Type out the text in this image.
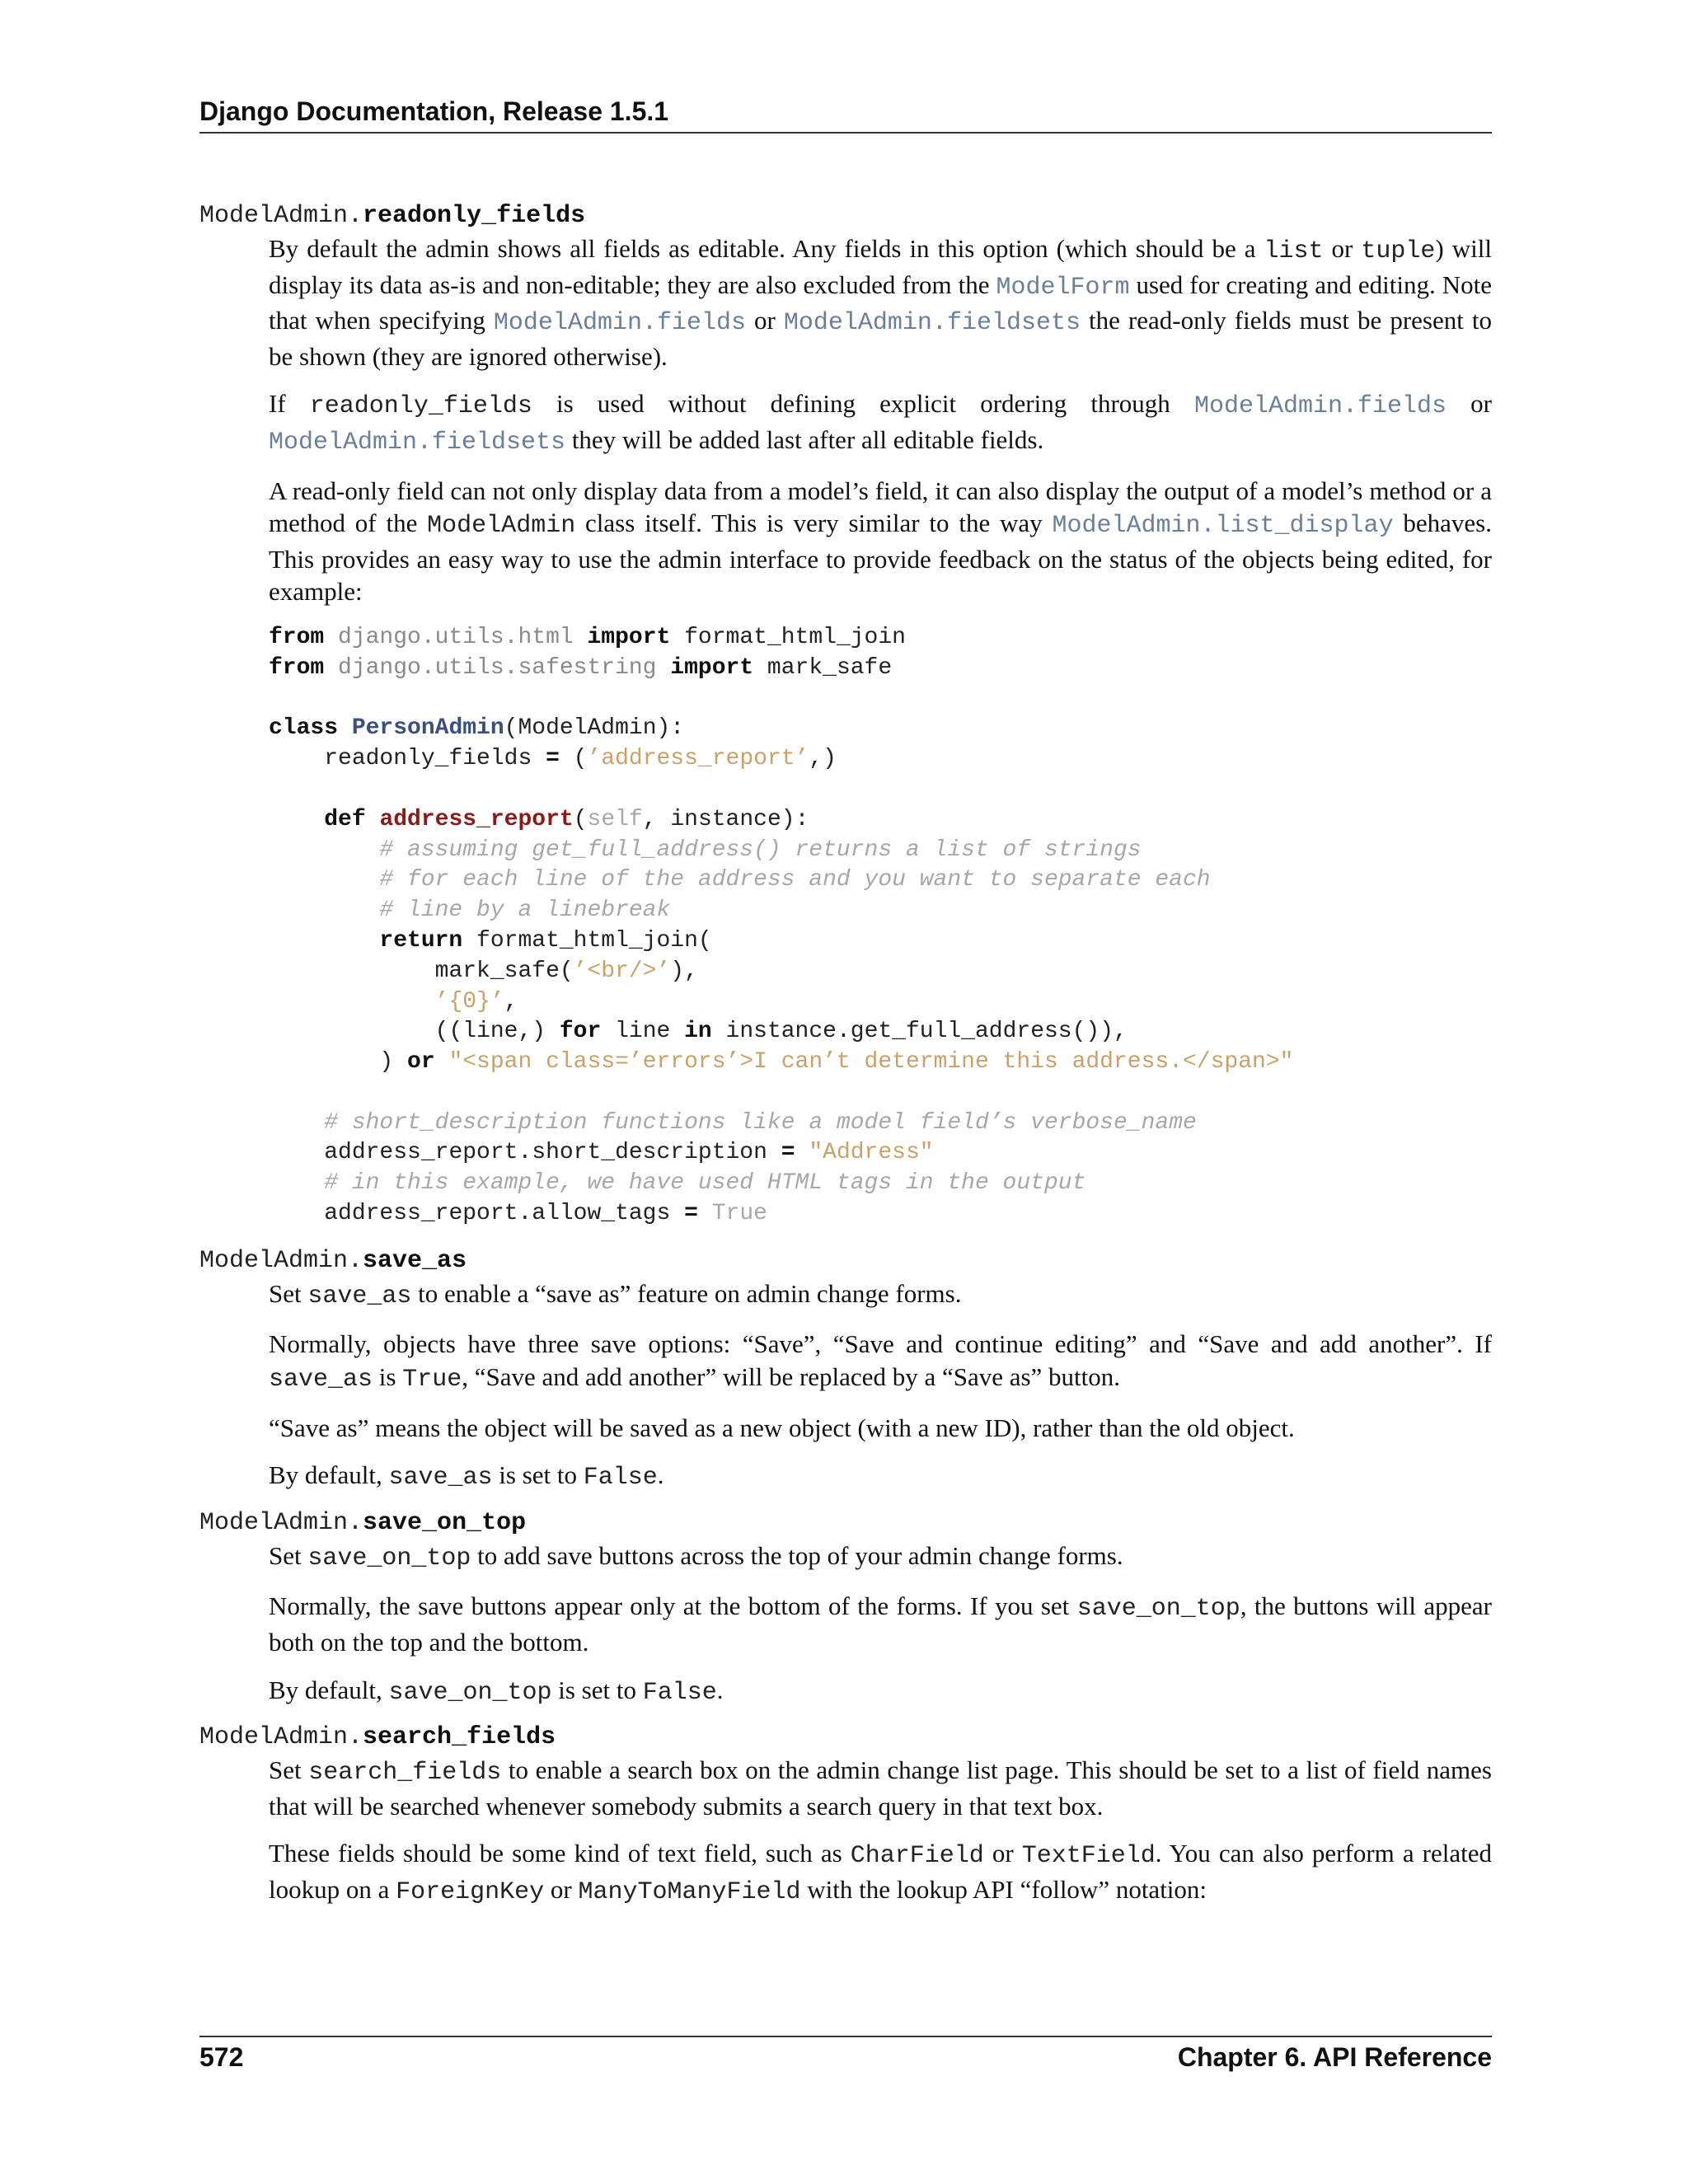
Django Documentation, Release 1.5.1
ModelAdmin.readonly_fields

By default the admin shows all fields as editable. Any fields in this option (which should be a list or tuple) will display its data as-is and non-editable; they are also excluded from the ModelForm used for creating and editing. Note that when specifying ModelAdmin.fields or ModelAdmin.fieldsets the read-only fields must be present to be shown (they are ignored otherwise).

If readonly_fields is used without defining explicit ordering through ModelAdmin.fields or ModelAdmin.fieldsets they will be added last after all editable fields.

A read-only field can not only display data from a model’s field, it can also display the output of a model’s method or a method of the ModelAdmin class itself. This is very similar to the way ModelAdmin.list_display behaves. This provides an easy way to use the admin interface to provide feedback on the status of the objects being edited, for example:

from django.utils.html import format_html_join
from django.utils.safestring import mark_safe

class PersonAdmin(ModelAdmin):
readonly_fields = (’address_report’,)

def address_report(self, instance):
# assuming get_full_address() returns a list of strings
# for each line of the address and you want to separate each
# line by a linebreak
return format_html_join(
mark_safe(’<br/>’),
’{0}’,
((line,) for line in instance.get_full_address()),
) or "<span class=’errors’>I can’t determine this address.</span>"

# short_description functions like a model field’s verbose_name
address_report.short_description = "Address"
# in this example, we have used HTML tags in the output
address_report.allow_tags = True
ModelAdmin.save_as

Set save_as to enable a “save as” feature on admin change forms.

Normally, objects have three save options: “Save”, “Save and continue editing” and “Save and add another”. If save_as is True, “Save and add another” will be replaced by a “Save as” button.

“Save as” means the object will be saved as a new object (with a new ID), rather than the old object.

By default, save_as is set to False.

ModelAdmin.save_on_top

Set save_on_top to add save buttons across the top of your admin change forms.

Normally, the save buttons appear only at the bottom of the forms. If you set save_on_top, the buttons will appear both on the top and the bottom.

By default, save_on_top is set to False.

ModelAdmin.search_fields

Set search_fields to enable a search box on the admin change list page. This should be set to a list of field names that will be searched whenever somebody submits a search query in that text box.

These fields should be some kind of text field, such as CharField or TextField. You can also perform a related lookup on a ForeignKey or ManyToManyField with the lookup API “follow” notation:

572	Chapter 6. API Reference
